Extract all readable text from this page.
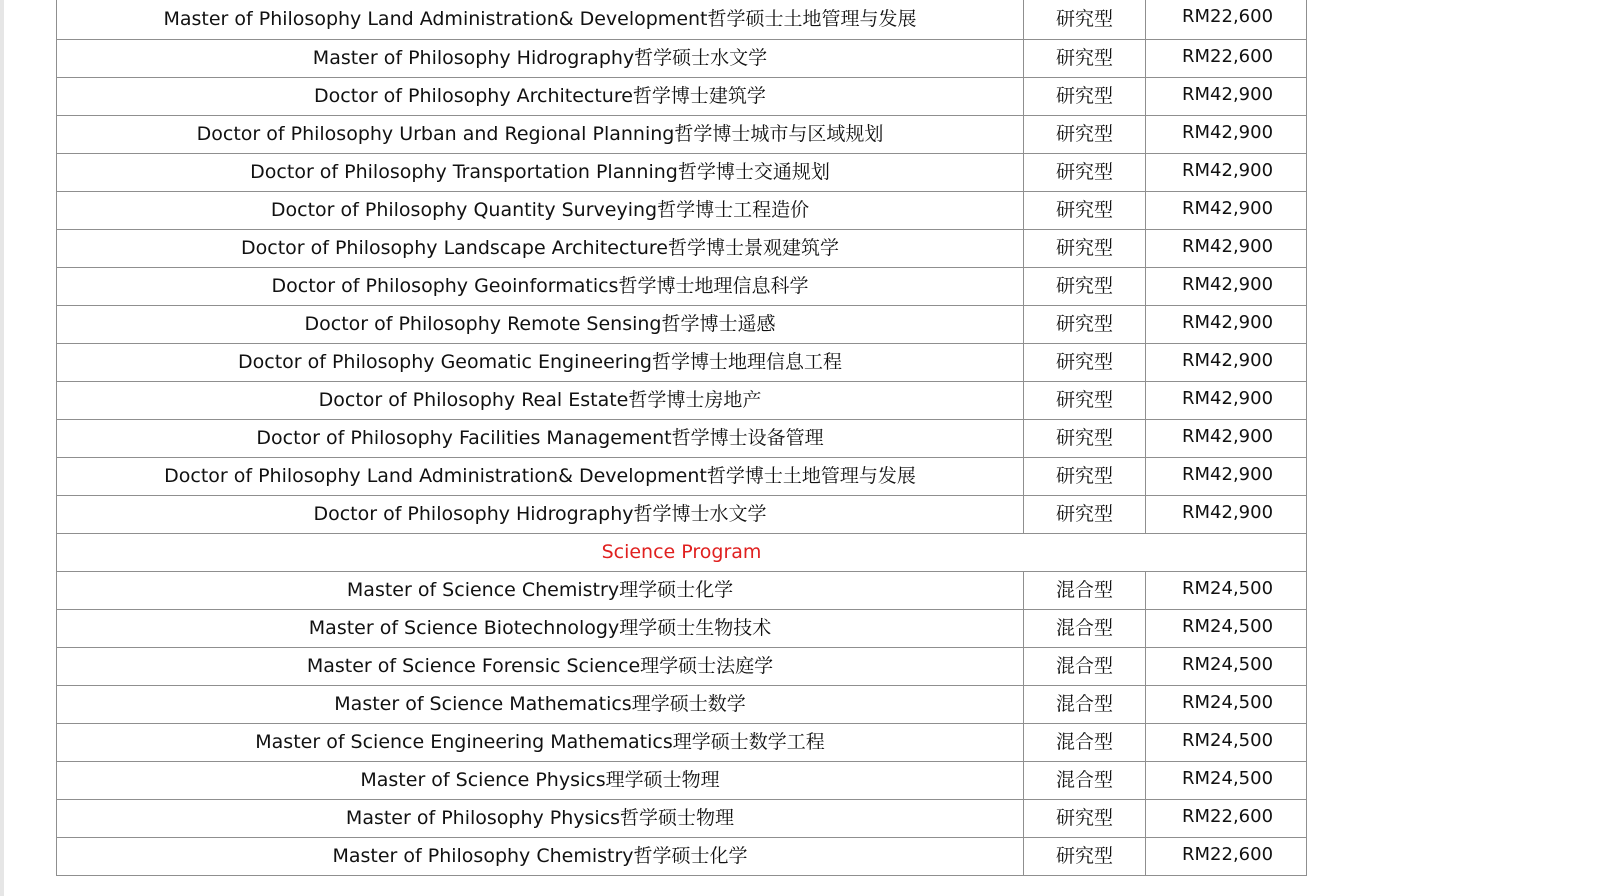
Master of Philosophy Land Administration& Development哲学硕士土地管理与发展	研究型	RM22,600
Master of Philosophy Hidrography哲学硕士水文学	研究型	RM22,600
Doctor of Philosophy Architecture哲学博士建筑学	研究型	RM42,900
Doctor of Philosophy Urban and Regional Planning哲学博士城市与区域规划	研究型	RM42,900
Doctor of Philosophy Transportation Planning哲学博士交通规划	研究型	RM42,900
Doctor of Philosophy Quantity Surveying哲学博士工程造价	研究型	RM42,900
Doctor of Philosophy Landscape Architecture哲学博士景观建筑学	研究型	RM42,900
Doctor of Philosophy Geoinformatics哲学博士地理信息科学	研究型	RM42,900
Doctor of Philosophy Remote Sensing哲学博士遥感	研究型	RM42,900
Doctor of Philosophy Geomatic Engineering哲学博士地理信息工程	研究型	RM42,900
Doctor of Philosophy Real Estate哲学博士房地产	研究型	RM42,900
Doctor of Philosophy Facilities Management哲学博士设备管理	研究型	RM42,900
Doctor of Philosophy Land Administration& Development哲学博士土地管理与发展	研究型	RM42,900
Doctor of Philosophy Hidrography哲学博士水文学	研究型	RM42,900
Science Program		
Master of Science Chemistry理学硕士化学	混合型	RM24,500
Master of Science Biotechnology理学硕士生物技术	混合型	RM24,500
Master of Science Forensic Science理学硕士法庭学	混合型	RM24,500
Master of Science Mathematics理学硕士数学	混合型	RM24,500
Master of Science Engineering Mathematics理学硕士数学工程	混合型	RM24,500
Master of Science Physics理学硕士物理	混合型	RM24,500
Master of Philosophy Physics哲学硕士物理	研究型	RM22,600
Master of Philosophy Chemistry哲学硕士化学	研究型	RM22,600
